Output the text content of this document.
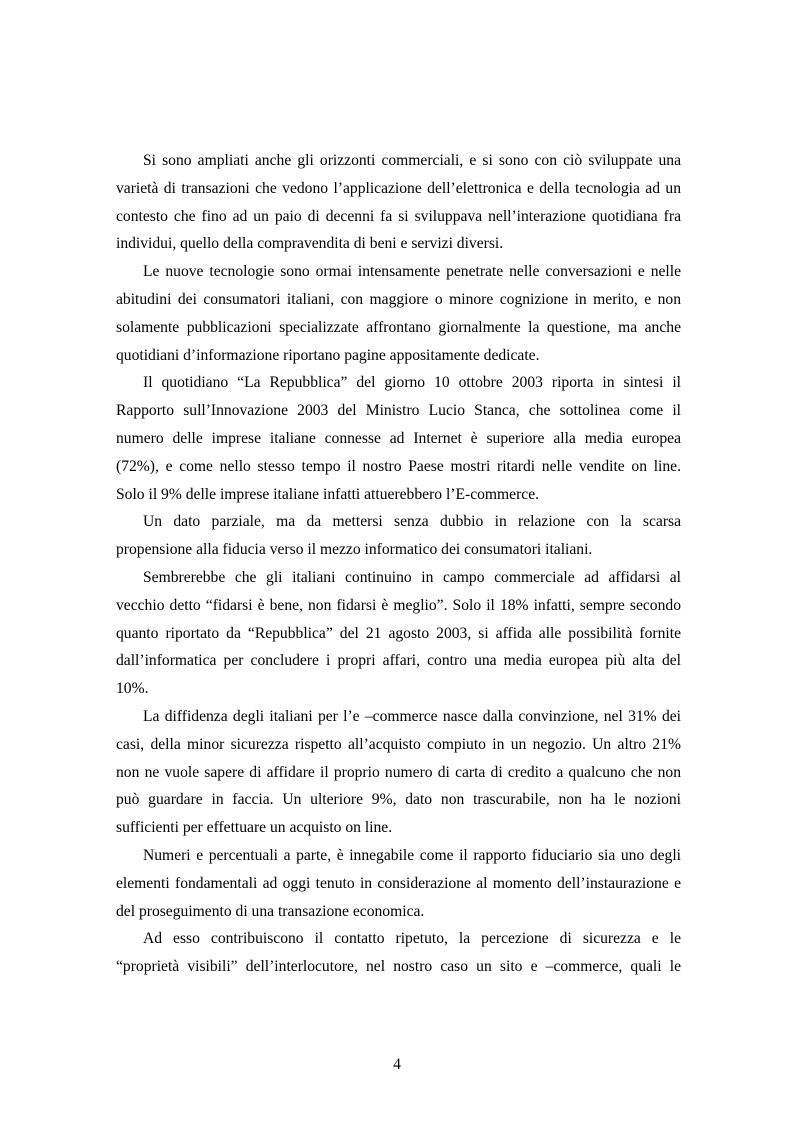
Si sono ampliati anche gli orizzonti commerciali, e si sono con ciò sviluppate una
varietà di transazioni che vedono l’applicazione dell’elettronica e della tecnologia ad un
contesto che fino ad un paio di decenni fa si sviluppava nell’interazione quotidiana fra
individui, quello della compravendita di beni e servizi diversi.

Le nuove tecnologie sono ormai intensamente penetrate nelle conversazioni e nelle
abitudini dei consumatori italiani, con maggiore o minore cognizione in merito, e non
solamente pubblicazioni specializzate affrontano giornalmente la questione, ma anche
quotidiani d’informazione riportano pagine appositamente dedicate.

Il quotidiano “La Repubblica” del giorno 10 ottobre 2003 riporta in sintesi il
Rapporto sull’Innovazione 2003 del Ministro Lucio Stanca, che sottolinea come il
numero delle imprese italiane connesse ad Internet è superiore alla media europea
(72%), e come nello stesso tempo il nostro Paese mostri ritardi nelle vendite on line.
Solo il 9% delle imprese italiane infatti attuerebbero l’E-commerce.

Un dato parziale, ma da mettersi senza dubbio in relazione con la scarsa
propensione alla fiducia verso il mezzo informatico dei consumatori italiani.

Sembrerebbe che gli italiani continuino in campo commerciale ad affidarsi al
vecchio detto “fidarsi è bene, non fidarsi è meglio”. Solo il 18% infatti, sempre secondo
quanto riportato da “Repubblica” del 21 agosto 2003, si affida alle possibilità fornite
dall’informatica per concludere i propri affari, contro una media europea più alta del
10%.

La diffidenza degli italiani per l’e –commerce nasce dalla convinzione, nel 31% dei
casi, della minor sicurezza rispetto all’acquisto compiuto in un negozio. Un altro 21%
non ne vuole sapere di affidare il proprio numero di carta di credito a qualcuno che non
può guardare in faccia. Un ulteriore 9%, dato non trascurabile, non ha le nozioni
sufficienti per effettuare un acquisto on line.

Numeri e percentuali a parte, è innegabile come il rapporto fiduciario sia uno degli
elementi fondamentali ad oggi tenuto in considerazione al momento dell’instaurazione e
del proseguimento di una transazione economica.

Ad esso contribuiscono il contatto ripetuto, la percezione di sicurezza e le
“proprietà visibili” dell’interlocutore, nel nostro caso un sito e –commerce, quali le

4
